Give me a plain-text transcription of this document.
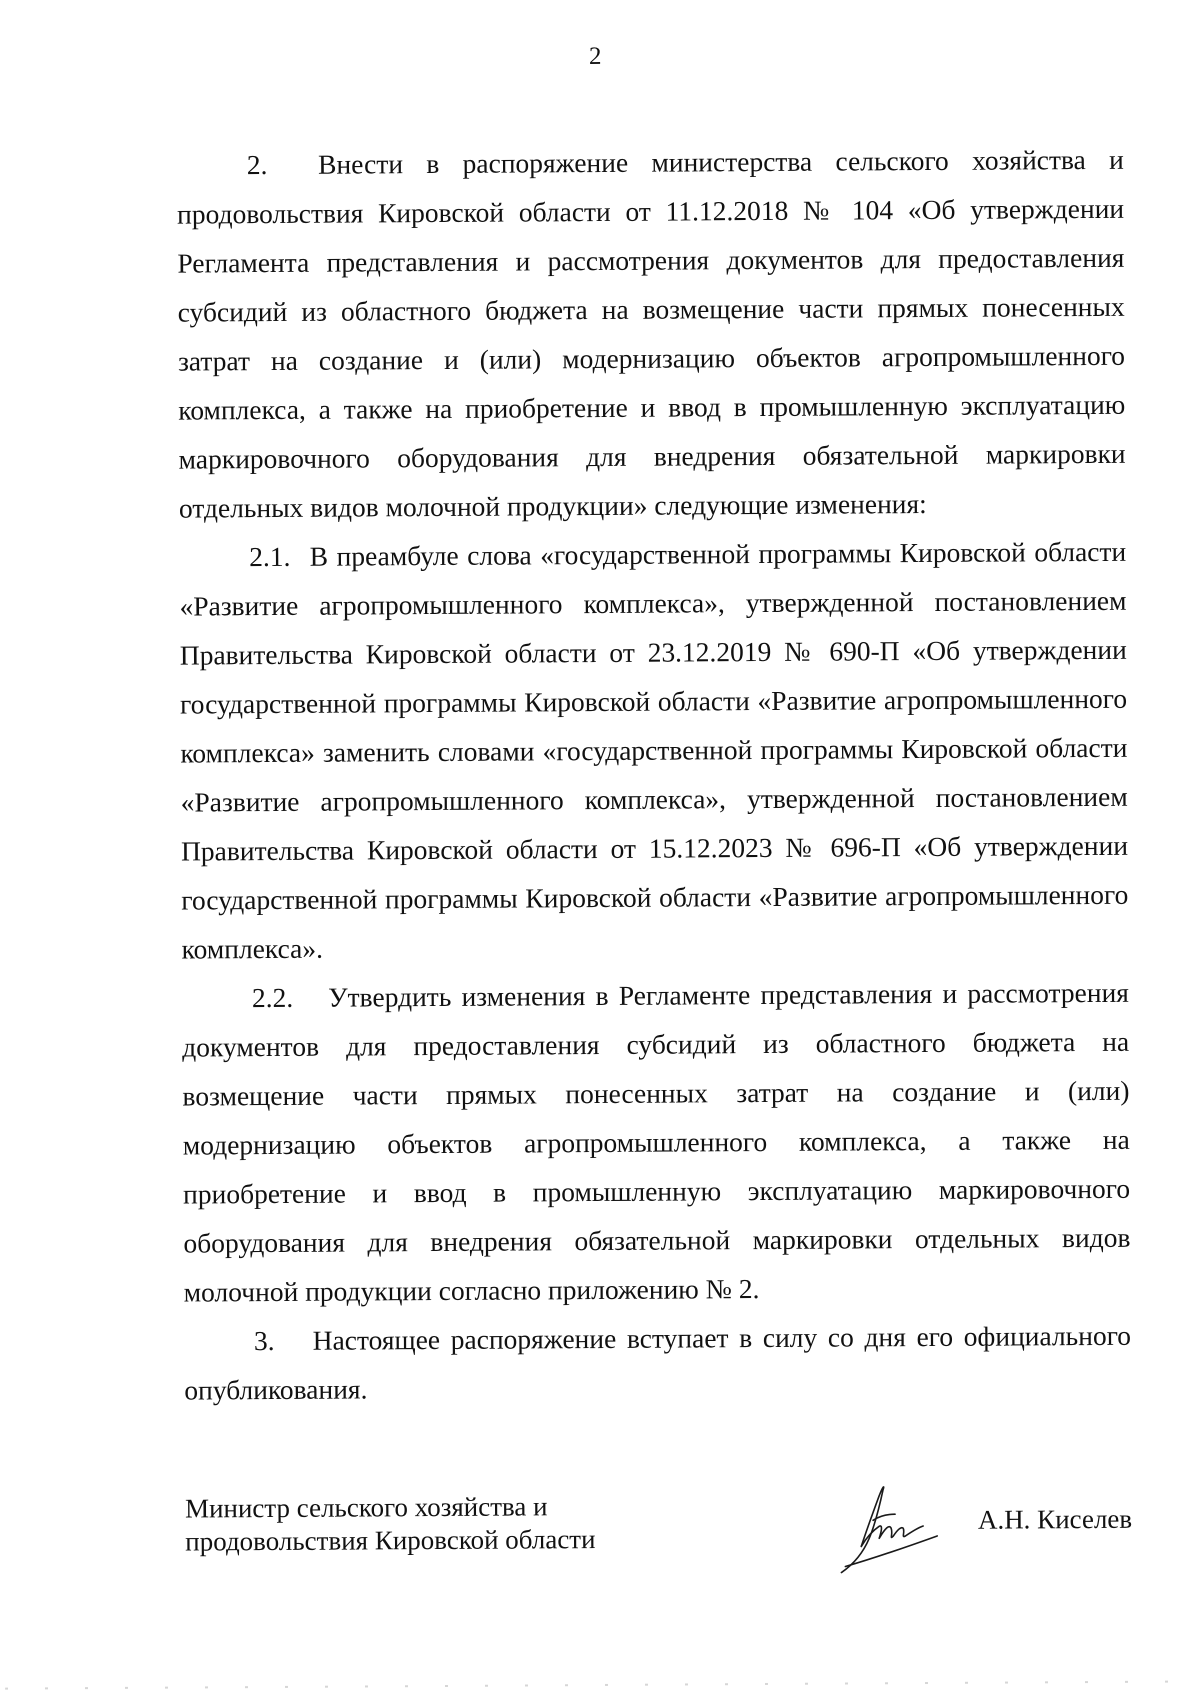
2

2. Внести в распоряжение министерства сельского хозяйства и продовольствия Кировской области от 11.12.2018 № 104 «Об утверждении Регламента представления и рассмотрения документов для предоставления субсидий из областного бюджета на возмещение части прямых понесенных затрат на создание и (или) модернизацию объектов агропромышленного комплекса, а также на приобретение и ввод в промышленную эксплуатацию маркировочного оборудования для внедрения обязательной маркировки отдельных видов молочной продукции» следующие изменения:

2.1. В преамбуле слова «государственной программы Кировской области «Развитие агропромышленного комплекса», утвержденной постановлением Правительства Кировской области от 23.12.2019 № 690-П «Об утверждении государственной программы Кировской области «Развитие агропромышленного комплекса» заменить словами «государственной программы Кировской области «Развитие агропромышленного комплекса», утвержденной постановлением Правительства Кировской области от 15.12.2023 № 696-П «Об утверждении государственной программы Кировской области «Развитие агропромышленного комплекса».

2.2. Утвердить изменения в Регламенте представления и рассмотрения документов для предоставления субсидий из областного бюджета на возмещение части прямых понесенных затрат на создание и (или) модернизацию объектов агропромышленного комплекса, а также на приобретение и ввод в промышленную эксплуатацию маркировочного оборудования для внедрения обязательной маркировки отдельных видов молочной продукции согласно приложению № 2.

3. Настоящее распоряжение вступает в силу со дня его официального опубликования.

Министр сельского хозяйства и
продовольствия Кировской области
А.Н. Киселев
